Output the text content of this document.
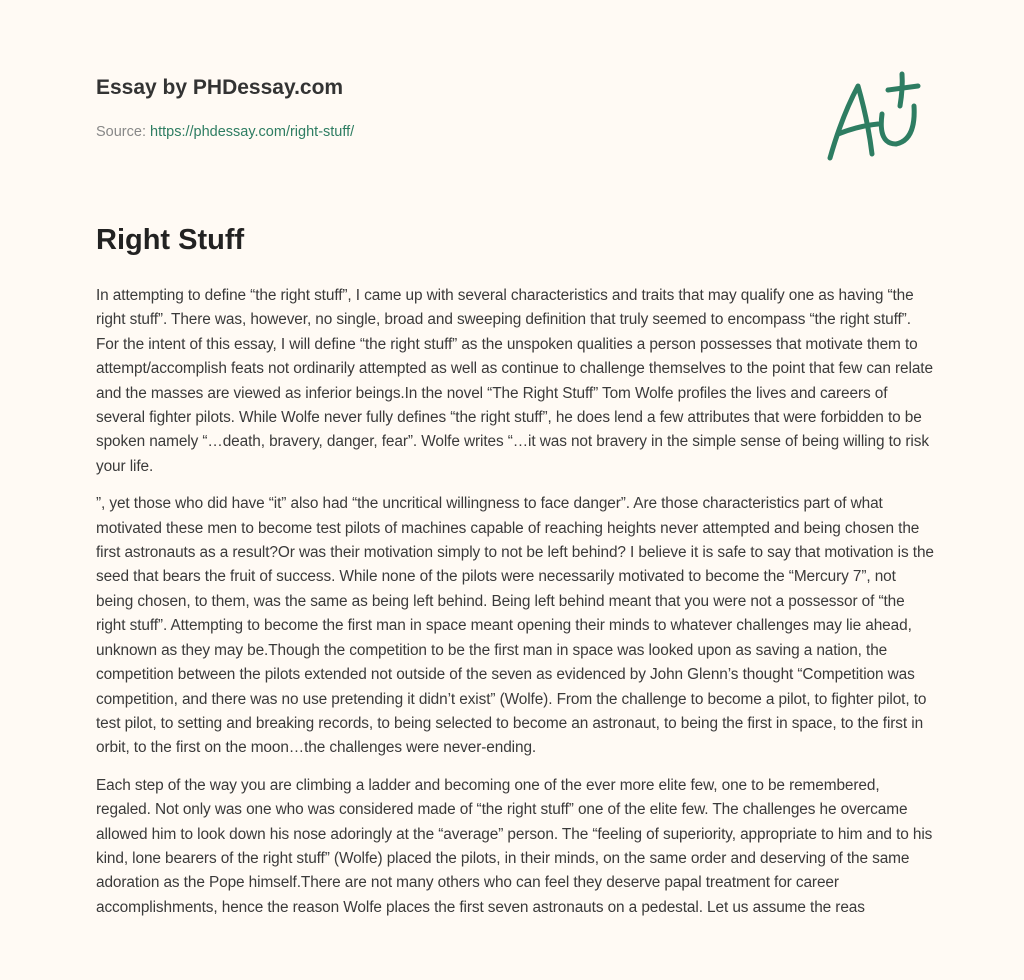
Essay by PHDessay.com
Source: https://phdessay.com/right-stuff/
Right Stuff

In attempting to define “the right stuff”, I came up with several characteristics and traits that may qualify one as having “the right stuff”. There was, however, no single, broad and sweeping definition that truly seemed to encompass “the right stuff”. For the intent of this essay, I will define “the right stuff” as the unspoken qualities a person possesses that motivate them to attempt/accomplish feats not ordinarily attempted as well as continue to challenge themselves to the point that few can relate and the masses are viewed as inferior beings.In the novel “The Right Stuff” Tom Wolfe profiles the lives and careers of several fighter pilots. While Wolfe never fully defines “the right stuff”, he does lend a few attributes that were forbidden to be spoken namely “…death, bravery, danger, fear”. Wolfe writes “…it was not bravery in the simple sense of being willing to risk your life.

”, yet those who did have “it” also had “the uncritical willingness to face danger”. Are those characteristics part of what motivated these men to become test pilots of machines capable of reaching heights never attempted and being chosen the first astronauts as a result?Or was their motivation simply to not be left behind? I believe it is safe to say that motivation is the seed that bears the fruit of success. While none of the pilots were necessarily motivated to become the “Mercury 7”, not being chosen, to them, was the same as being left behind. Being left behind meant that you were not a possessor of “the right stuff”. Attempting to become the first man in space meant opening their minds to whatever challenges may lie ahead, unknown as they may be.Though the competition to be the first man in space was looked upon as saving a nation, the competition between the pilots extended not outside of the seven as evidenced by John Glenn’s thought “Competition was competition, and there was no use pretending it didn’t exist” (Wolfe). From the challenge to become a pilot, to fighter pilot, to test pilot, to setting and breaking records, to being selected to become an astronaut, to being the first in space, to the first in orbit, to the first on the moon…the challenges were never-ending.

Each step of the way you are climbing a ladder and becoming one of the ever more elite few, one to be remembered, regaled. Not only was one who was considered made of “the right stuff” one of the elite few. The challenges he overcame allowed him to look down his nose adoringly at the “average” person. The “feeling of superiority, appropriate to him and to his kind, lone bearers of the right stuff” (Wolfe) placed the pilots, in their minds, on the same order and deserving of the same adoration as the Pope himself.There are not many others who can feel they deserve papal treatment for career accomplishments, hence the reason Wolfe places the first seven astronauts on a pedestal. Let us assume the reas
